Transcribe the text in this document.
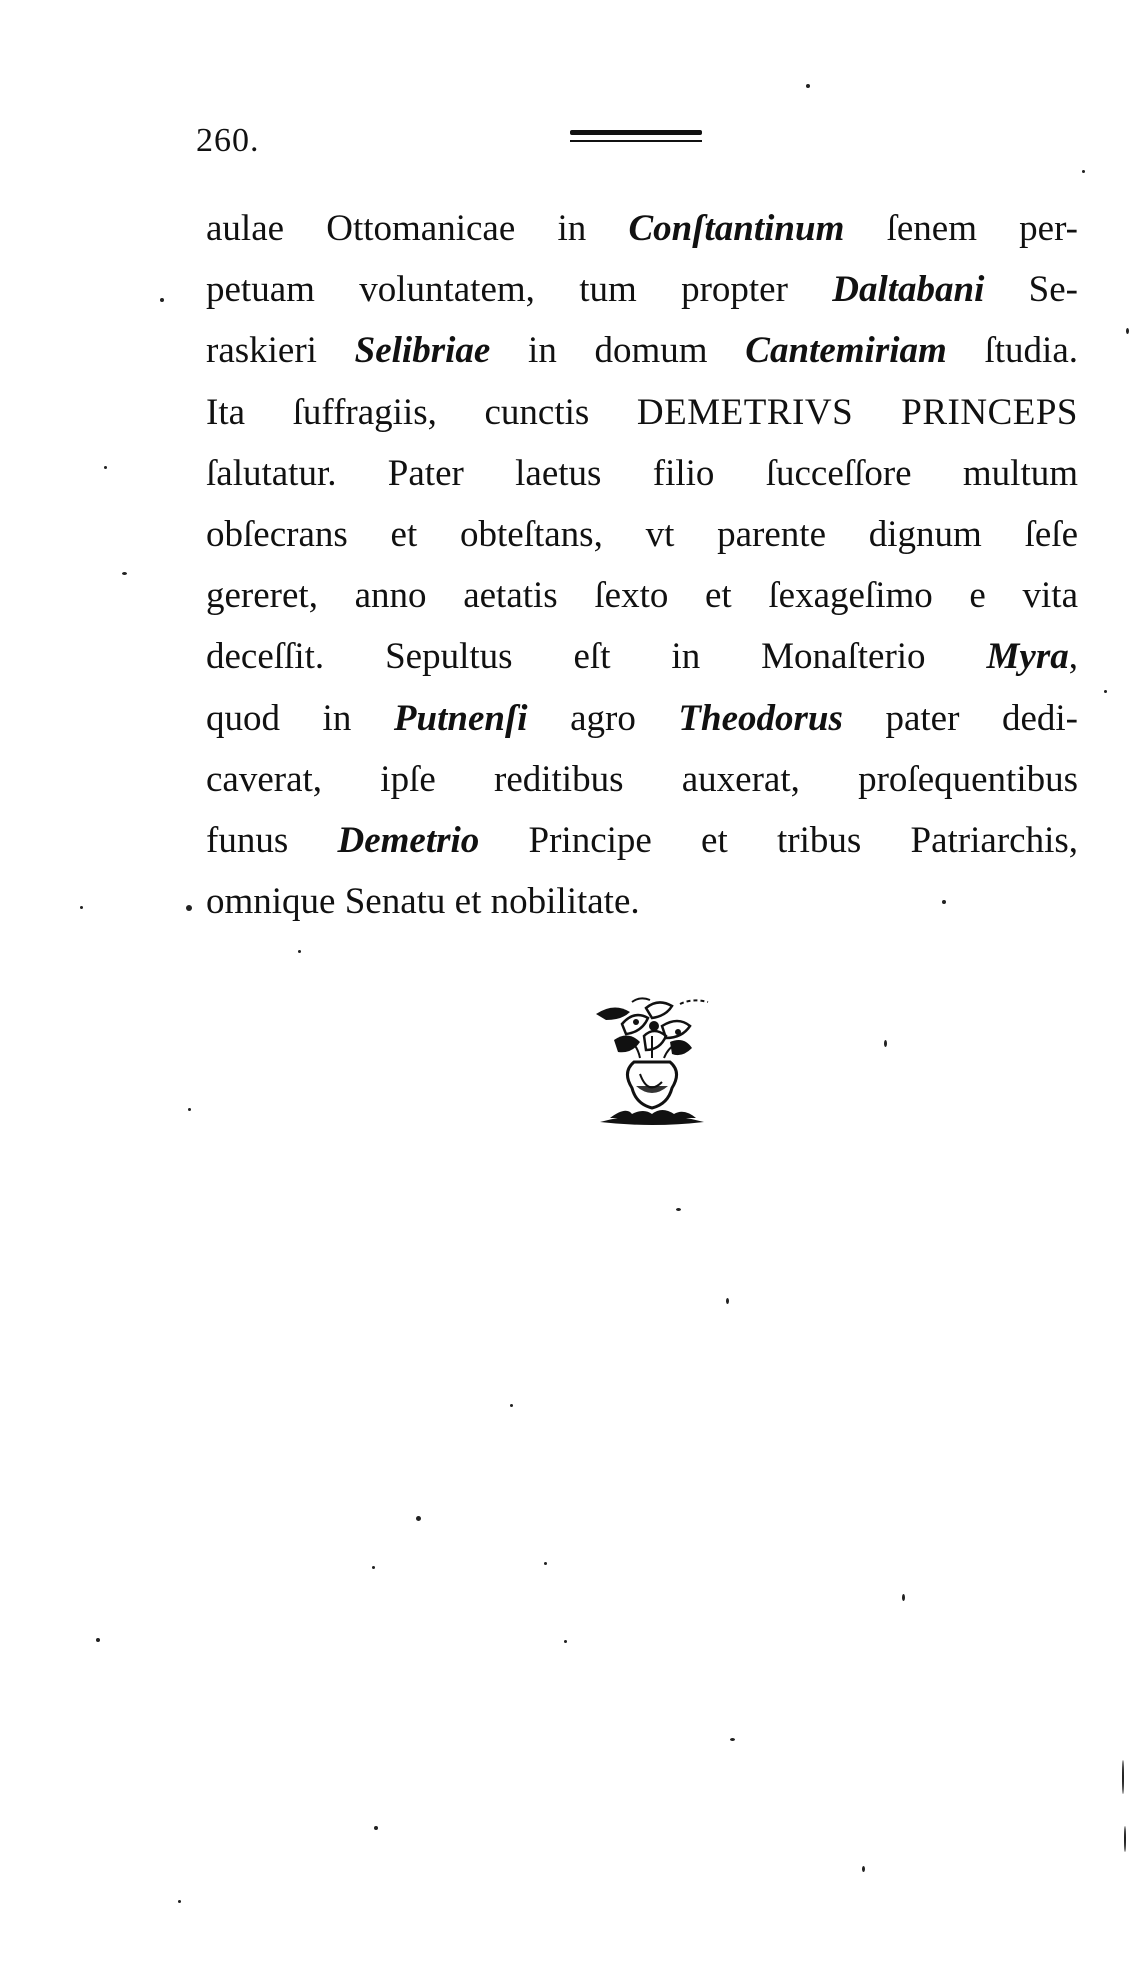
260.
aulae Ottomanicae in Conſtantinum ſenem per-
petuam voluntatem, tum propter Daltabani Se-
raskieri Selibriae in domum Cantemiriam ſtudia.
Ita ſuffragiis, cunctis DEMETRIVS PRINCEPS
ſalutatur. Pater laetus filio ſucceſſore multum
obſecrans et obteſtans, vt parente dignum ſeſe
gereret, anno aetatis ſexto et ſexageſimo e vita
deceſſit. Sepultus eſt in Monaſterio Myra,
quod in Putnenſi agro Theodorus pater dedi-
caverat, ipſe reditibus auxerat, proſequentibus
funus Demetrio Principe et tribus Patriarchis,
omnique Senatu et nobilitate.
